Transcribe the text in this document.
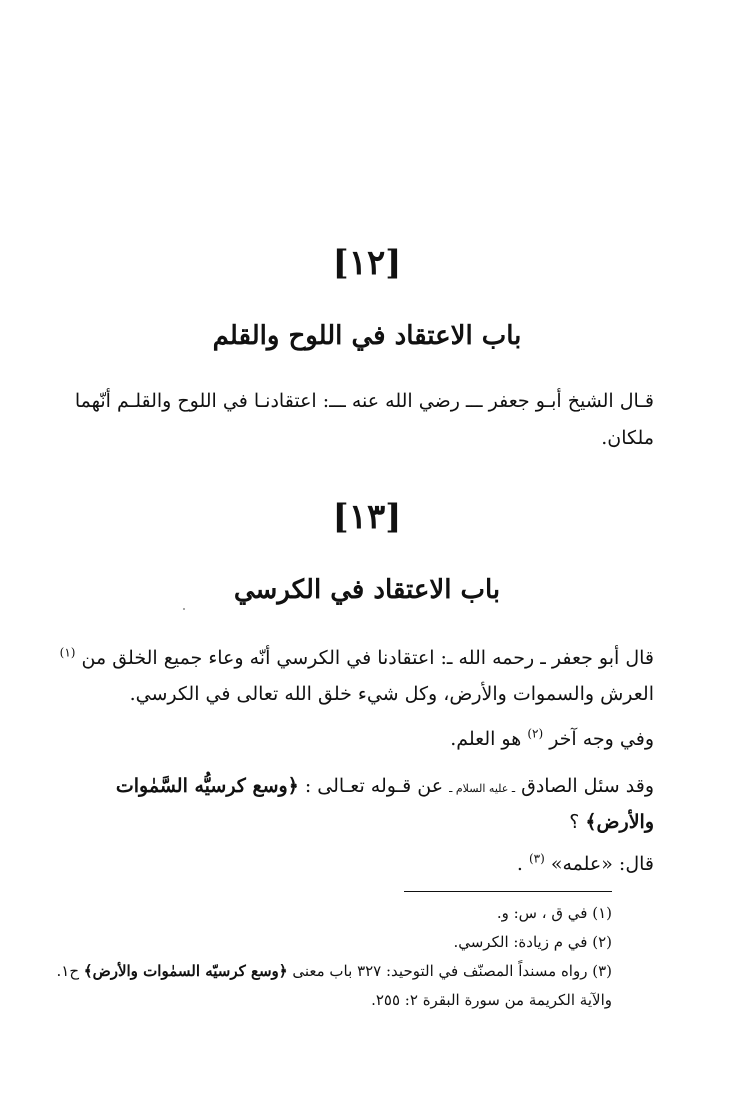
[١٢]
باب الاعتقاد في اللوح والقلم
قـال الشيخ أبـو جعفر ـــ رضي الله عنه ـــ: اعتقادنـا في اللوح والقلـم أنّهما
ملكان.
[١٣]
باب الاعتقاد في الكرسي
قال أبو جعفر ـ رحمه الله ـ: اعتقادنا في الكرسي أنّه وعاء جميع الخلق من $^{(١)}$
العرش والسموات والأرض، وكل شيء خلق الله تعالى في الكرسي.
وفي وجه آخر $^{(٢)}$ هو العلم.
وقد سئل الصادق ـ عليه السلام ـ عن قـوله تعـالى : ﴿وسع كرسيُّه السَّمٰوات
والأرض﴾ ؟
قال: «علمه» $^{(٣)}$ .
(١) في ق ، س: و.
(٢) في م زيادة: الكرسي.
(٣) رواه مسنداً المصنّف في التوحيد: ٣٢٧ باب معنى ﴿وسع كرسيّه السمٰوات والأرض﴾ ح١.
والآية الكريمة من سورة البقرة ٢: ٢٥٥.
